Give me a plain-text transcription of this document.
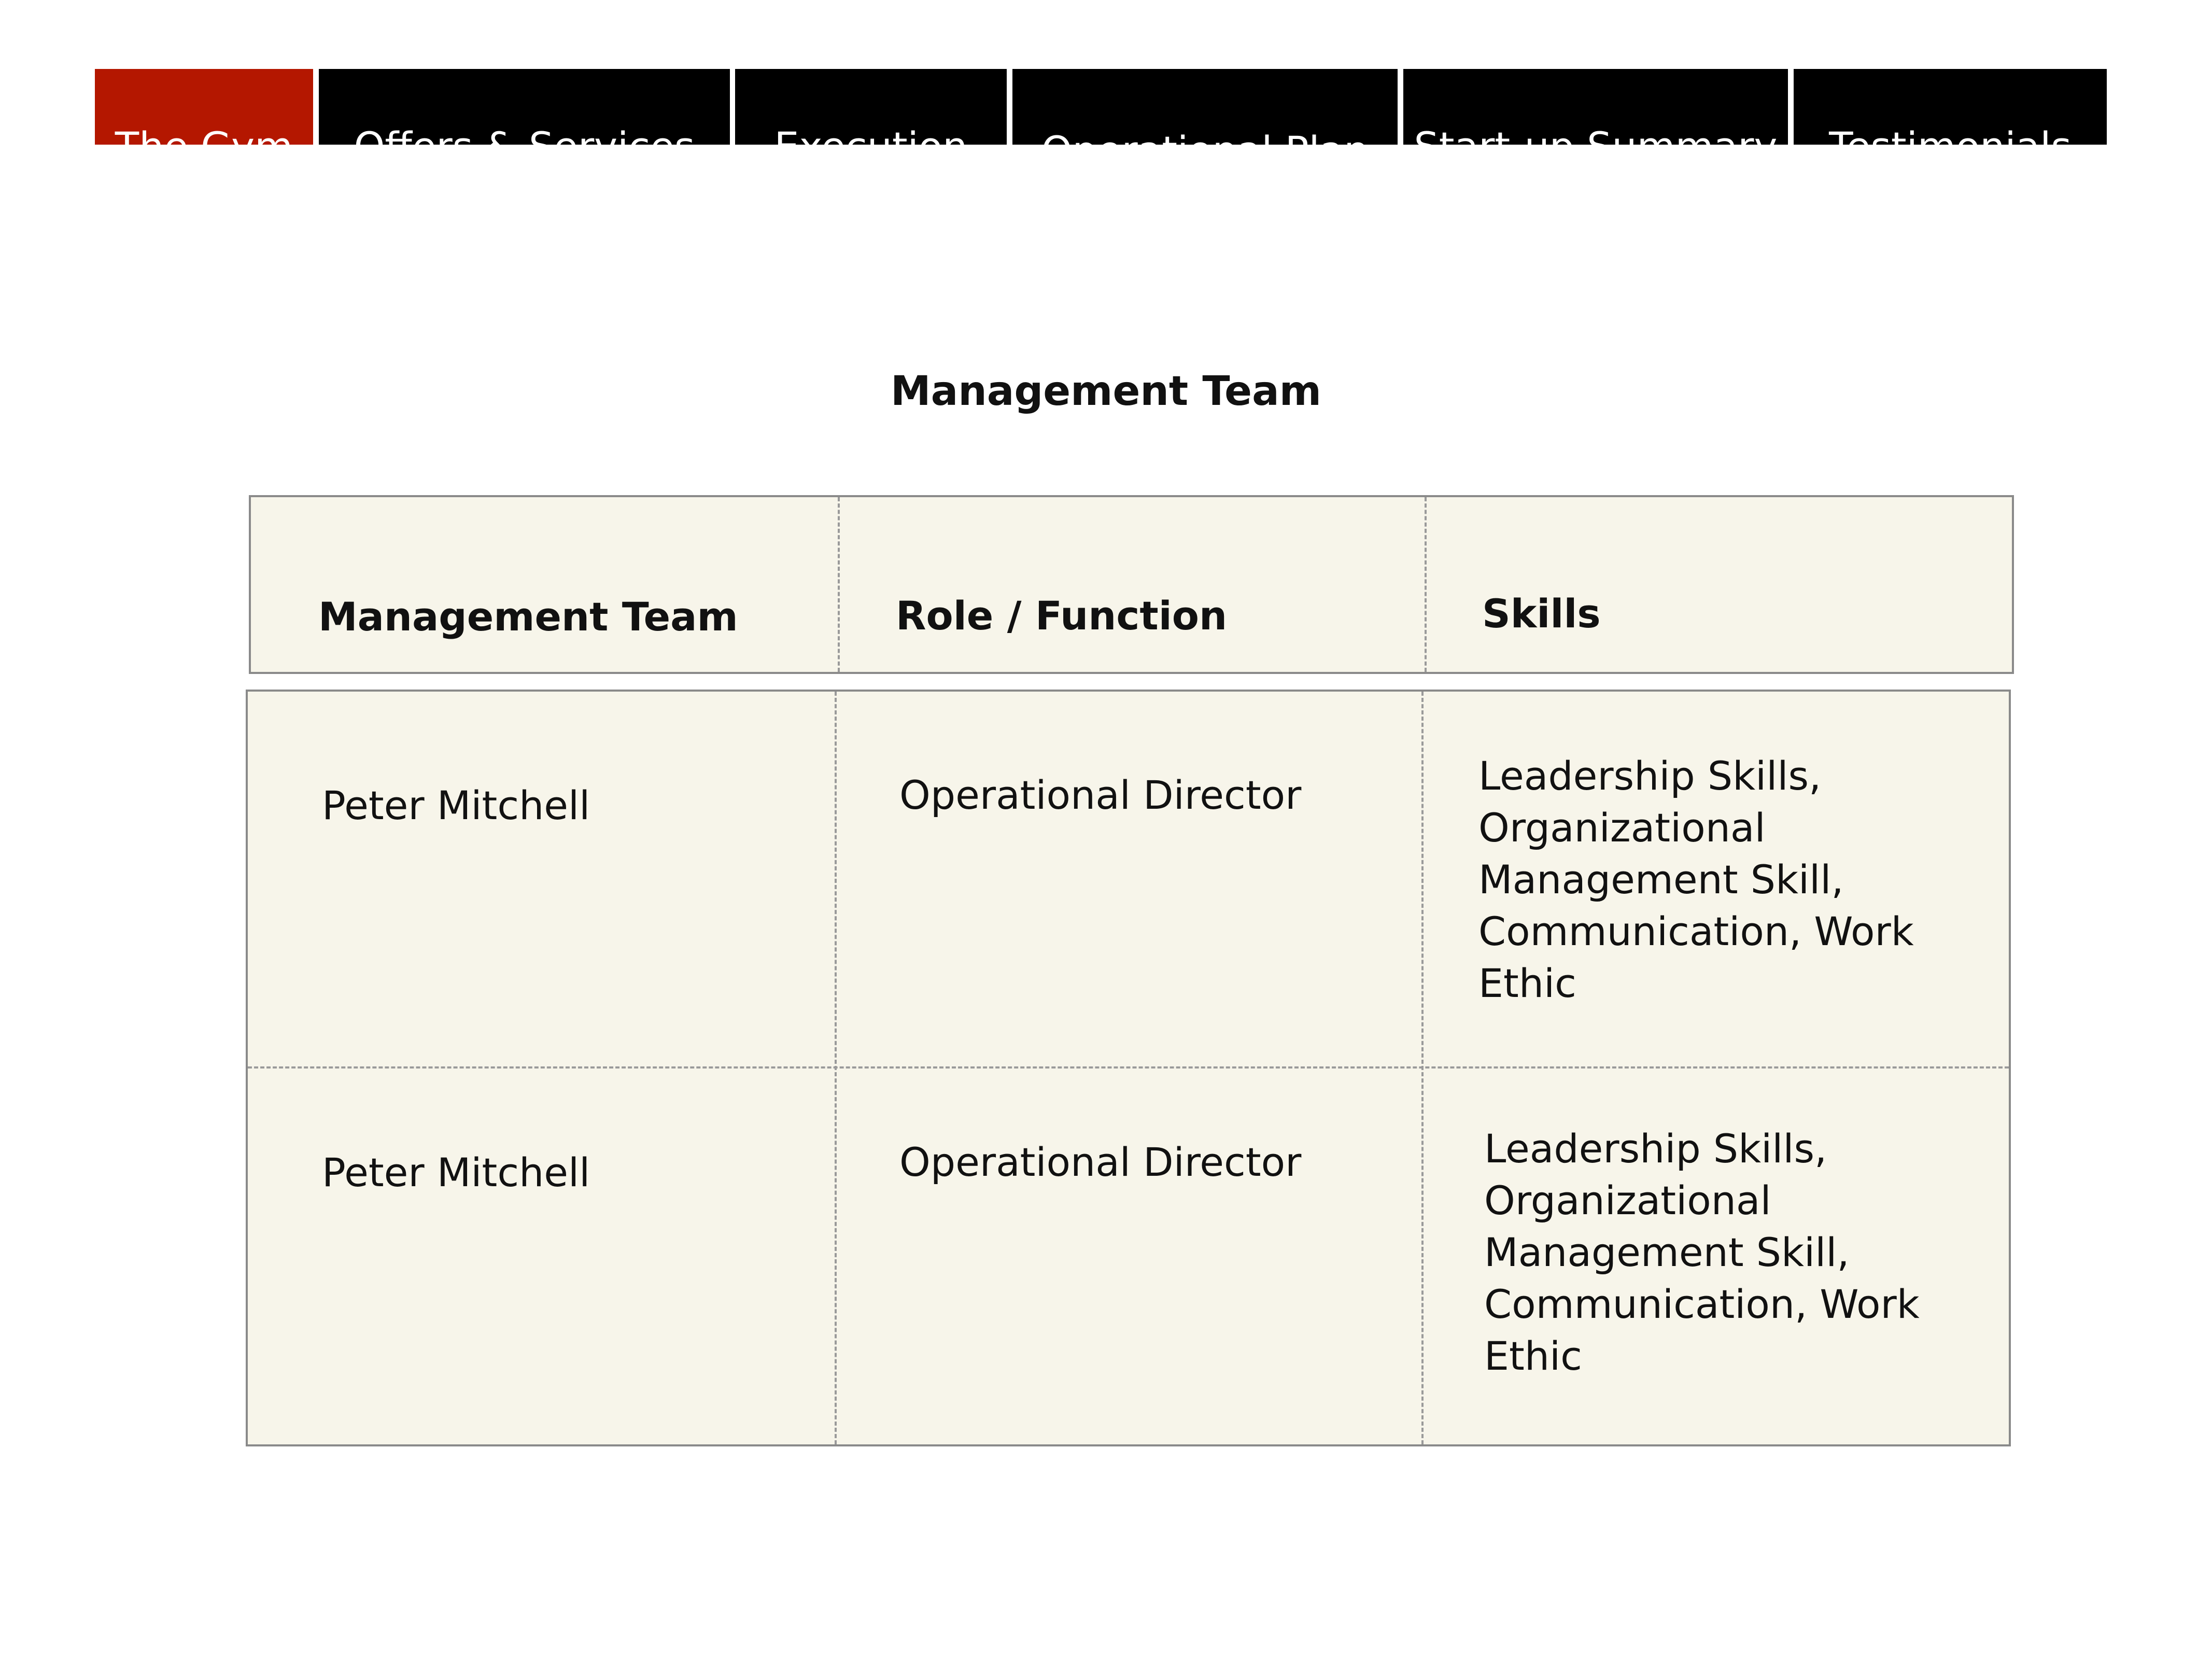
The Gym	Offers & Services	Execution	Operational Plan	Start-up Summary	Testimonials
Management Team
Management Team	Role / Function	Skills
Peter Mitchell	Operational Director	Leadership Skills, Organizational Management Skill, Communication, Work Ethic
Peter Mitchell	Operational Director	Leadership Skills, Organizational Management Skill, Communication, Work Ethic
